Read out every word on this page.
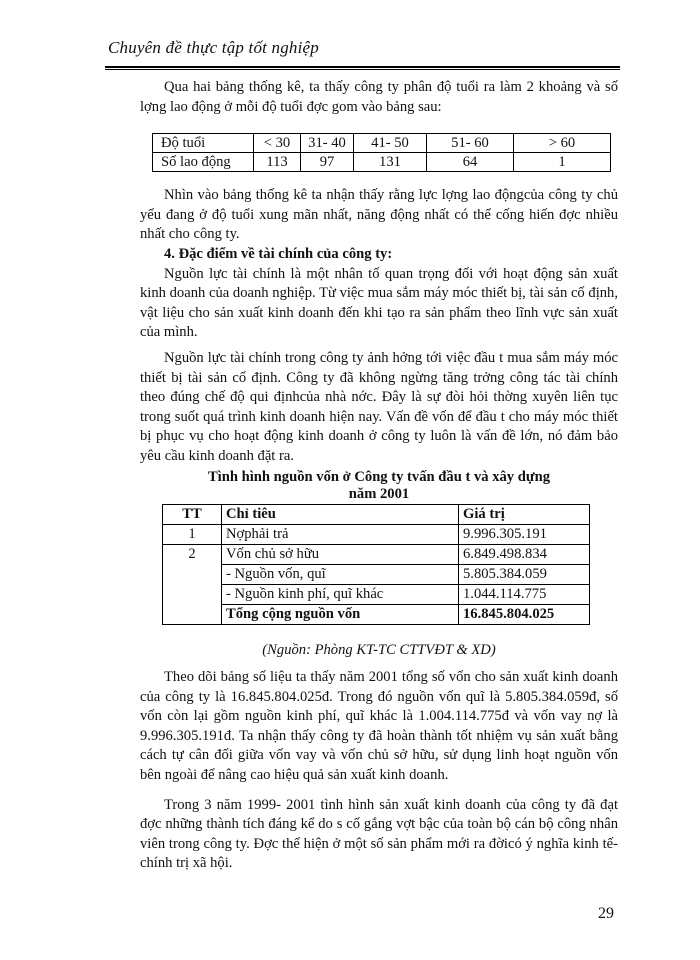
Chuyên đề thực tập tốt nghiệp

Qua hai bảng thống kê, ta thấy công ty phân độ tuổi ra làm 2 khoảng và số lợng lao động ở mỗi độ tuổi đợc gom vào bảng sau:

Độ tuổi	< 30	31- 40	41- 50	51- 60	> 60
Số lao động	113	97	131	64	1

Nhìn vào bảng thống kê ta nhận thấy rằng lực lợng lao độngcủa công ty chủ yếu đang ở độ tuổi xung mãn nhất, năng động nhất có thể cống hiến đợc nhiều nhất cho công ty.

4. Đặc điểm về tài chính của công ty:

Nguồn lực tài chính là một nhân tố quan trọng đối với hoạt động sản xuất kinh doanh của doanh nghiệp. Từ việc mua sắm máy móc thiết bị, tài sản cố định, vật liệu cho sản xuất kinh doanh đến khi tạo ra sản phẩm theo lĩnh vực sản xuất của mình.

Nguồn lực tài chính trong công ty ảnh hởng tới việc đầu t mua sắm máy móc thiết bị tài sản cố định. Công ty đã không ngừng tăng trởng công tác tài chính theo đúng chế độ qui địnhcủa nhà nớc. Đây là sự đòi hỏi thờng xuyên liên tục trong suốt quá trình kinh doanh hiện nay. Vấn đề vốn để đầu t cho máy móc thiết bị phục vụ cho hoạt động kinh doanh ở công ty luôn là vấn đề lớn, nó đảm bảo yêu cầu kinh doanh đặt ra.

Tình hình nguồn vốn ở Công ty tvấn đầu t và xây dựng
năm 2001
TT	Chỉ tiêu	Giá trị
1	Nợphải trả	9.996.305.191
2	Vốn chủ sở hữu	6.849.498.834
	- Nguồn vốn, quĩ	5.805.384.059
	- Nguồn kinh phí, quĩ khác	1.044.114.775
	Tổng cộng nguồn vốn	16.845.804.025
(Nguồn: Phòng KT-TC CTTVĐT & XD)

Theo dõi bảng số liệu ta thấy năm 2001 tổng số vốn cho sản xuất kinh doanh của công ty là 16.845.804.025đ. Trong đó nguồn vốn quĩ là 5.805.384.059đ, số vốn còn lại gồm nguồn kinh phí, quĩ khác là 1.004.114.775đ và vốn vay nợ là 9.996.305.191đ. Ta nhận thấy công ty đã hoàn thành tốt nhiệm vụ sản xuất bằng cách tự cân đối giữa vốn vay và vốn chủ sở hữu, sử dụng linh hoạt nguồn vốn bên ngoài để nâng cao hiệu quả sản xuất kinh doanh.

Trong 3 năm 1999- 2001 tình hình sản xuất kinh doanh của công ty đã đạt đợc những thành tích đáng kể do s cố gắng vợt bậc của toàn bộ cán bộ công nhân viên trong công ty. Đợc thể hiện ở một số sản phẩm mới ra đờicó ý nghĩa kinh tế- chính trị xã hội.

29
